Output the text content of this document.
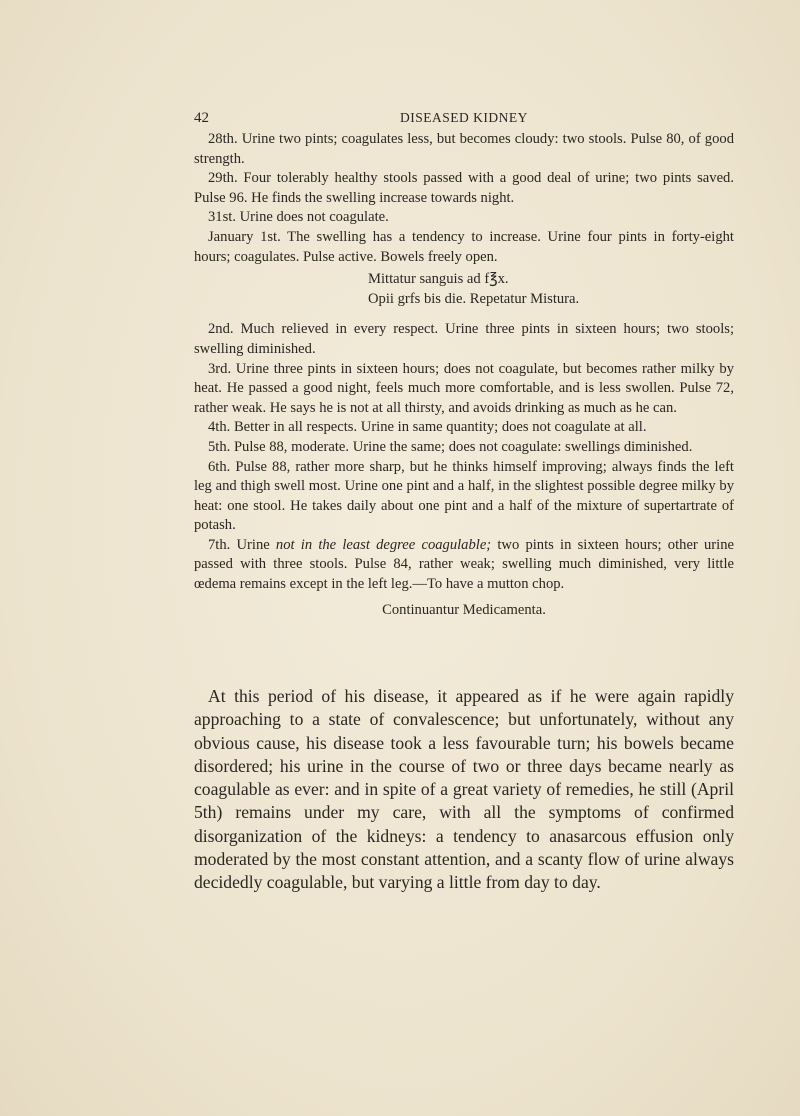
42	DISEASED KIDNEY

28th. Urine two pints; coagulates less, but becomes cloudy: two stools. Pulse 80, of good strength.

29th. Four tolerably healthy stools passed with a good deal of urine; two pints saved. Pulse 96. He finds the swelling increase towards night.

31st. Urine does not coagulate.

January 1st. The swelling has a tendency to increase. Urine four pints in forty-eight hours; coagulates. Pulse active. Bowels freely open.

Mittatur sanguis ad f℥x.

Opii grfs bis die. Repetatur Mistura.

2nd. Much relieved in every respect. Urine three pints in sixteen hours; two stools; swelling diminished.

3rd. Urine three pints in sixteen hours; does not coagulate, but becomes rather milky by heat. He passed a good night, feels much more comfortable, and is less swollen. Pulse 72, rather weak. He says he is not at all thirsty, and avoids drinking as much as he can.

4th. Better in all respects. Urine in same quantity; does not coagulate at all.

5th. Pulse 88, moderate. Urine the same; does not coagulate: swellings diminished.

6th. Pulse 88, rather more sharp, but he thinks himself improving; always finds the left leg and thigh swell most. Urine one pint and a half, in the slightest possible degree milky by heat: one stool. He takes daily about one pint and a half of the mixture of supertartrate of potash.

7th. Urine not in the least degree coagulable; two pints in sixteen hours; other urine passed with three stools. Pulse 84, rather weak; swelling much diminished, very little œdema remains except in the left leg.—To have a mutton chop.

Continuantur Medicamenta.

At this period of his disease, it appeared as if he were again rapidly approaching to a state of convalescence; but unfortunately, without any obvious cause, his disease took a less favourable turn; his bowels became disordered; his urine in the course of two or three days became nearly as coagulable as ever: and in spite of a great variety of remedies, he still (April 5th) remains under my care, with all the symptoms of confirmed disorganization of the kidneys: a tendency to anasarcous effusion only moderated by the most constant attention, and a scanty flow of urine always decidedly coagulable, but varying a little from day to day.
